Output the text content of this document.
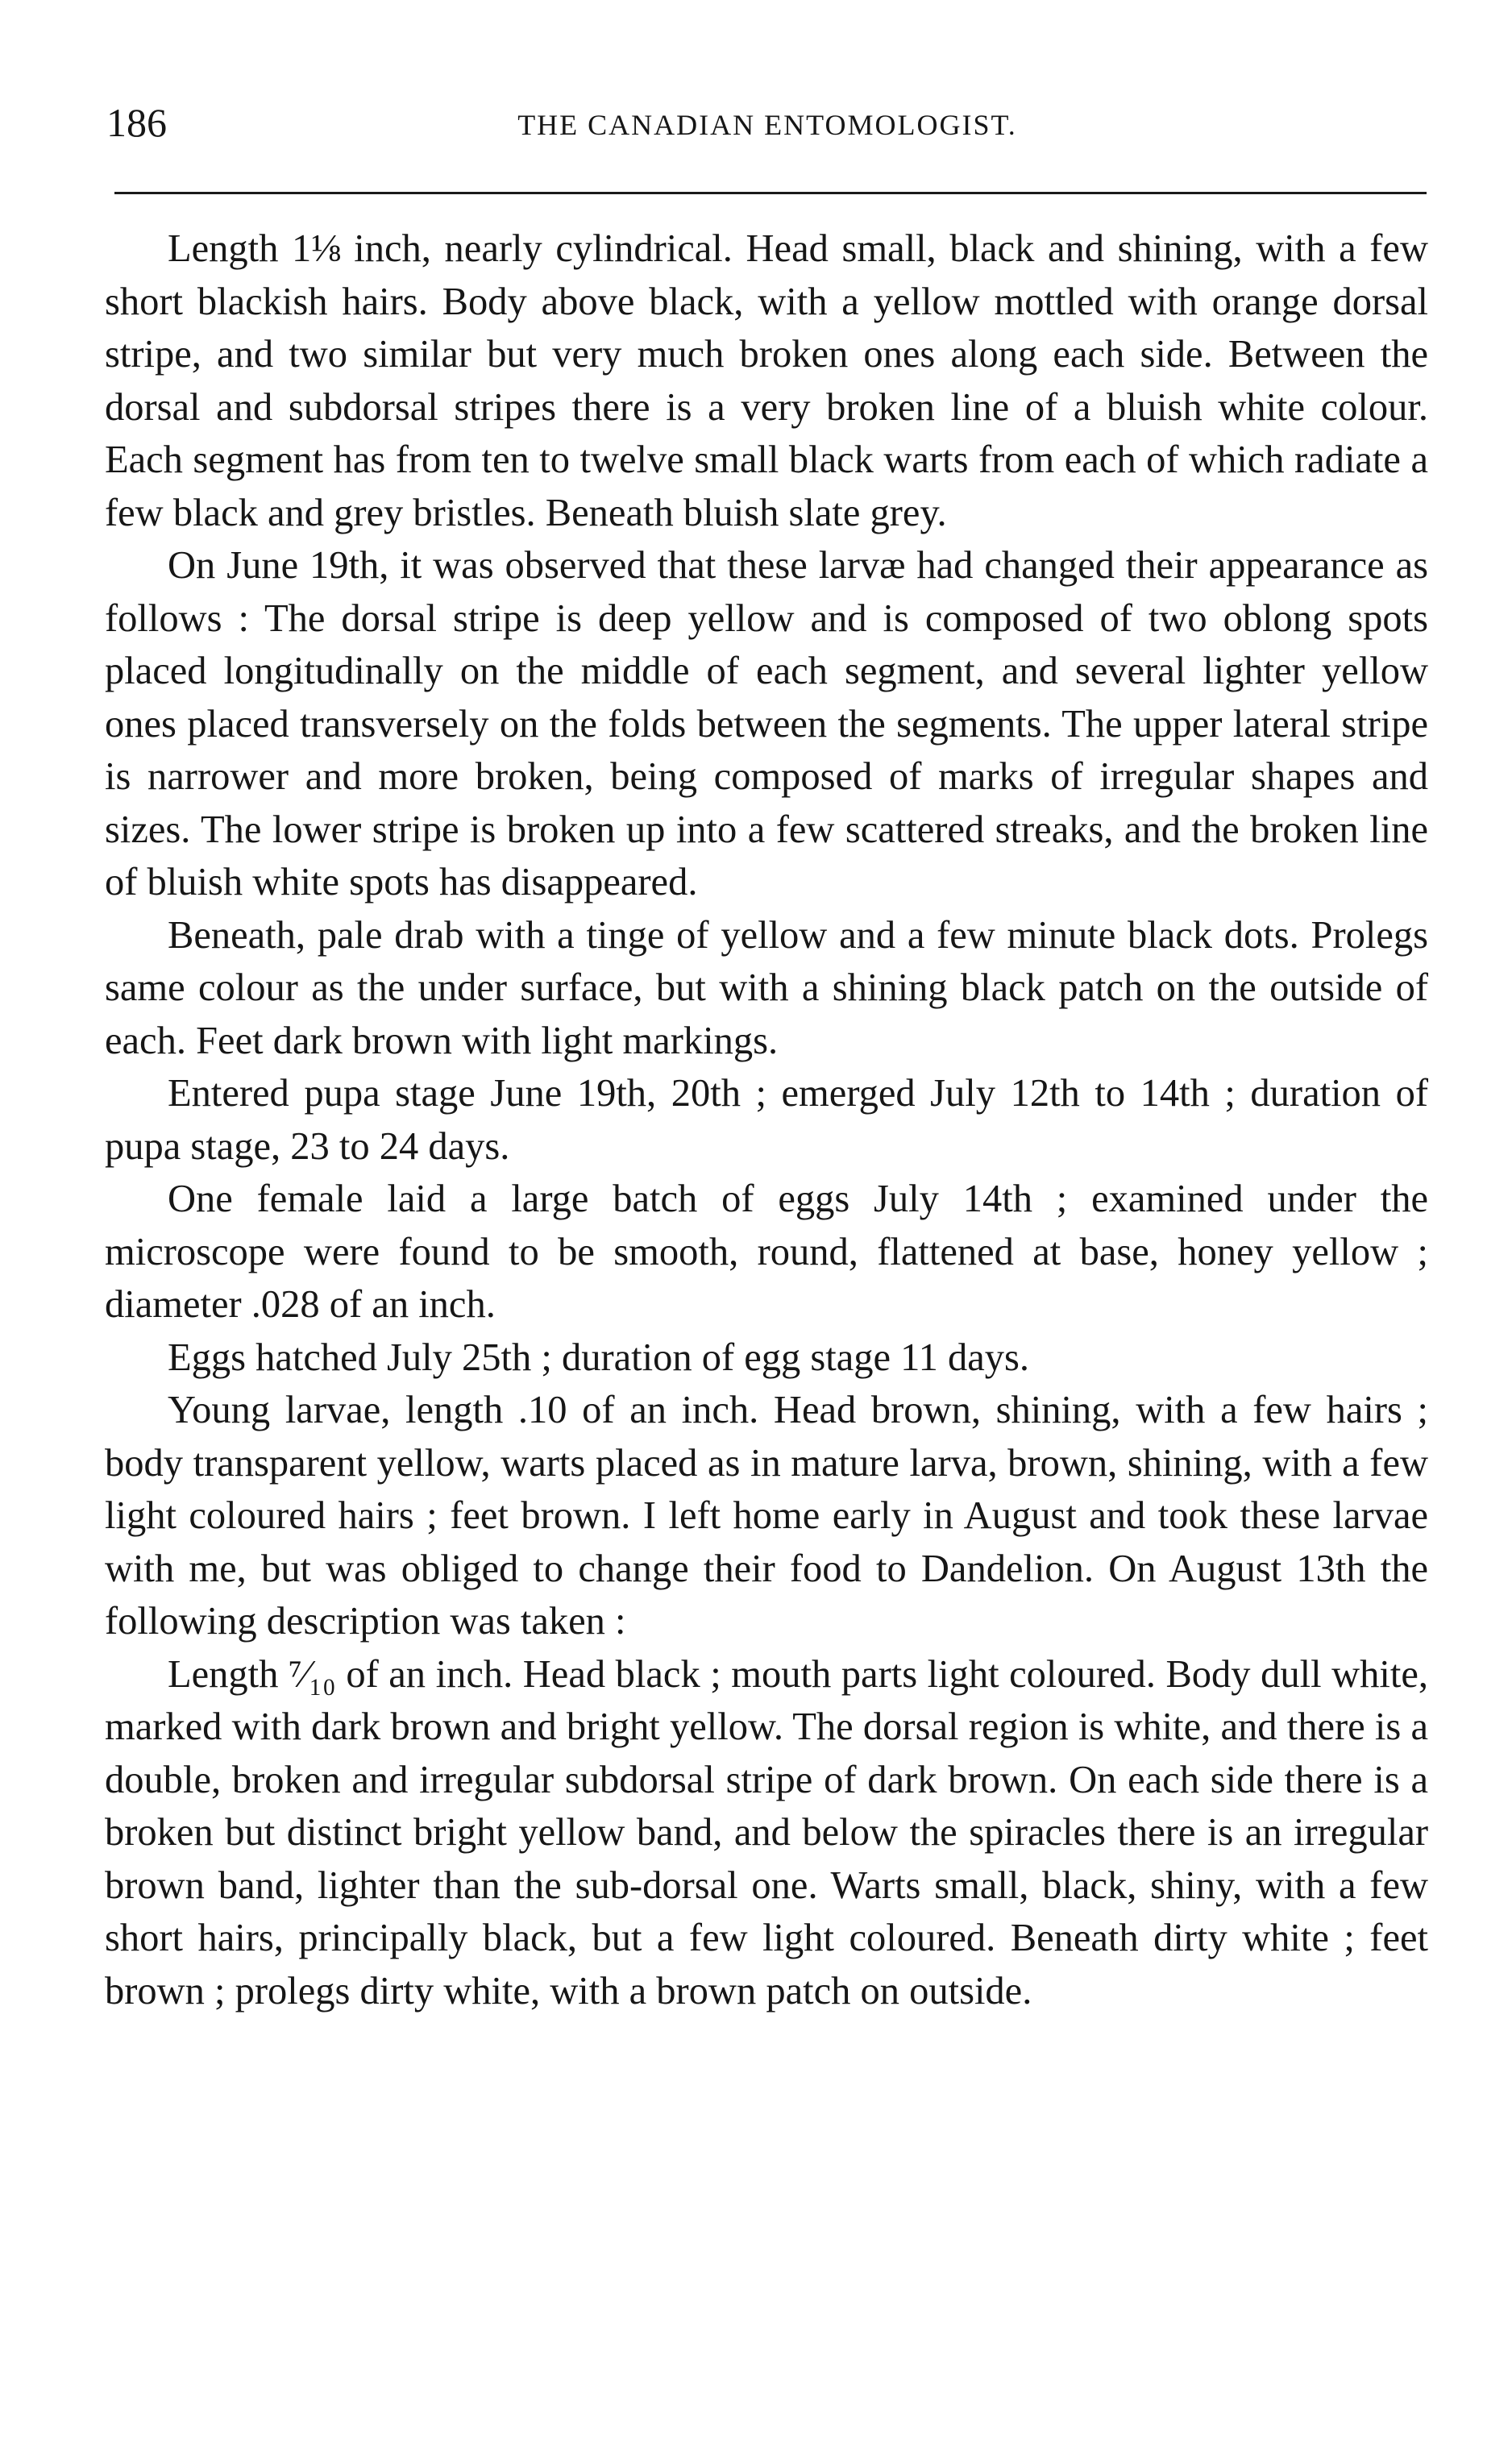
186	THE CANADIAN ENTOMOLOGIST.

Length 1⅛ inch, nearly cylindrical. Head small, black and shining, with a few short blackish hairs. Body above black, with a yellow mottled with orange dorsal stripe, and two similar but very much broken ones along each side. Between the dorsal and subdorsal stripes there is a very broken line of a bluish white colour. Each segment has from ten to twelve small black warts from each of which radiate a few black and grey bristles. Beneath bluish slate grey.

On June 19th, it was observed that these larvæ had changed their appearance as follows : The dorsal stripe is deep yellow and is composed of two oblong spots placed longitudinally on the middle of each segment, and several lighter yellow ones placed transversely on the folds between the segments. The upper lateral stripe is narrower and more broken, being composed of marks of irregular shapes and sizes. The lower stripe is broken up into a few scattered streaks, and the broken line of bluish white spots has disappeared.

Beneath, pale drab with a tinge of yellow and a few minute black dots. Prolegs same colour as the under surface, but with a shining black patch on the outside of each. Feet dark brown with light markings.

Entered pupa stage June 19th, 20th ; emerged July 12th to 14th ; duration of pupa stage, 23 to 24 days.

One female laid a large batch of eggs July 14th ; examined under the microscope were found to be smooth, round, flattened at base, honey yellow ; diameter .028 of an inch.

Eggs hatched July 25th ; duration of egg stage 11 days.

Young larvae, length .10 of an inch. Head brown, shining, with a few hairs ; body transparent yellow, warts placed as in mature larva, brown, shining, with a few light coloured hairs ; feet brown. I left home early in August and took these larvae with me, but was obliged to change their food to Dandelion. On August 13th the following description was taken :

Length ⁷⁄₁₀ of an inch. Head black ; mouth parts light coloured. Body dull white, marked with dark brown and bright yellow. The dorsal region is white, and there is a double, broken and irregular subdorsal stripe of dark brown. On each side there is a broken but distinct bright yellow band, and below the spiracles there is an irregular brown band, lighter than the sub-dorsal one. Warts small, black, shiny, with a few short hairs, principally black, but a few light coloured. Beneath dirty white ; feet brown ; prolegs dirty white, with a brown patch on outside.
